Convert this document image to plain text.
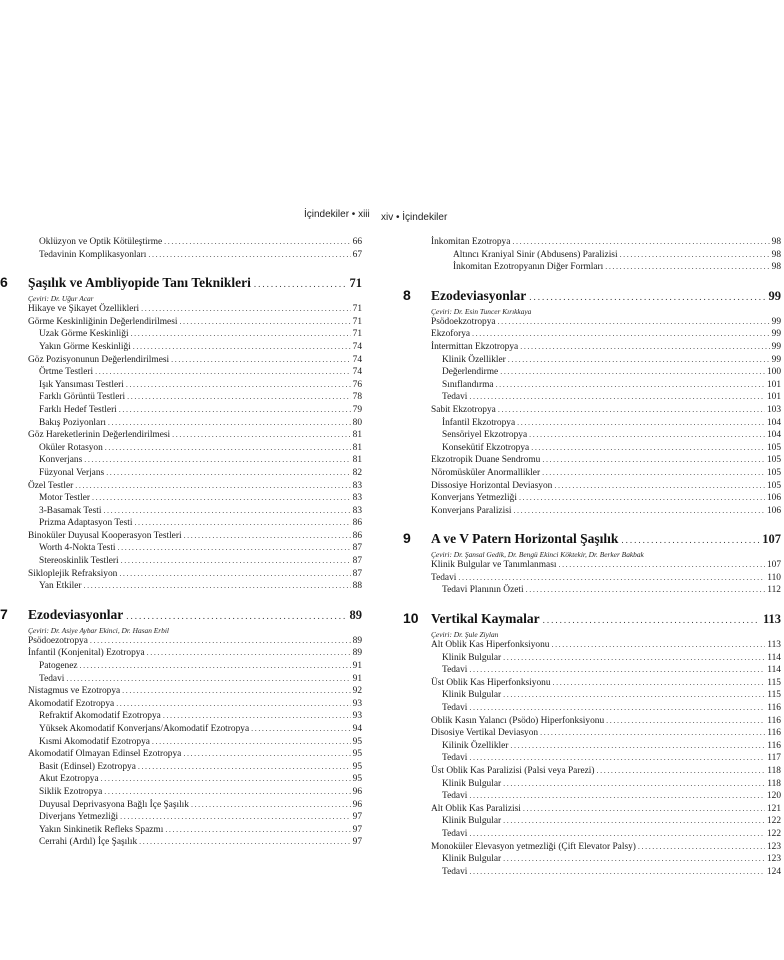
İçindekiler • xiii xiv • İçindekiler
Oklüzyon ve Optik Kötüleştirme .....	66
Tedavinin Komplikasyonları .....	67
6	Şaşılık ve Ambliyopide Tanı Teknikleri .....	71
Çeviri: Dr. Uğur Acar
Hikaye ve Şikayet Özellikleri .....	71
Görme Keskinliğinin Değerlendirilmesi .....	71
Uzak Görme Keskinliği .....	71
Yakın Görme Keskinliği .....	74
Göz Pozisyonunun Değerlendirilmesi .....	74
Örtme Testleri .....	74
Işık Yansıması Testleri .....	76
Farklı Görüntü Testleri .....	78
Farklı Hedef Testleri .....	79
Bakış Poziyonları .....	80
Göz Hareketlerinin Değerlendirilmesi .....	81
Oküler Rotasyon .....	81
Konverjans .....	81
Füzyonal Verjans .....	82
Özel Testler .....	83
Motor Testler .....	83
3-Basamak Testi .....	83
Prizma Adaptasyon Testi .....	86
Binoküler Duyusal Kooperasyon Testleri .....	86
Worth 4-Nokta Testi .....	87
Stereoskinlik Testleri .....	87
Sikloplejik Refraksiyon .....	87
Yan Etkiler .....	88
7	Ezodeviasyonlar .....	89
Çeviri: Dr. Asiye Aybar Ekinci, Dr. Hasan Erbil
Psödoezotropya .....	89
İnfantil (Konjenital) Ezotropya .....	89
Patogenez .....	91
Tedavi .....	91
Nistagmus ve Ezotropya .....	92
Akomodatif Ezotropya .....	93
Refraktif Akomodatif Ezotropya .....	93
Yüksek Akomodatif Konverjans/Akomodatif Ezotropya .....	94
Kısmi Akomodatif Ezotropya .....	95
Akomodatif Olmayan Edinsel Ezotropya .....	95
Basit (Edinsel) Ezotropya .....	95
Akut Ezotropya .....	95
Siklik Ezotropya .....	96
Duyusal Deprivasyona Bağlı İçe Şaşılık .....	96
Diverjans Yetmezliği .....	97
Yakın Sinkinetik Refleks Spazmı .....	97
Cerrahi (Ardıl) İçe Şaşılık .....	97
İnkomitan Ezotropya .....	98
Altıncı Kraniyal Sinir (Abdusens) Paralizisi .....	98
İnkomitan Ezotropyanın Diğer Formları .....	98
8	Ezodeviasyonlar .....	99
Çeviri: Dr. Esin Tuncer Kırıkkaya
Psödoekzotropya .....	99
Ekzoforya .....	99
İntermittan Ekzotropya .....	99
Klinik Özellikler .....	99
Değerlendirme .....	100
Sınıflandırma .....	101
Tedavi .....	101
Sabit Ekzotropya .....	103
İnfantil Ekzotropya .....	104
Sensöriyel Ekzotropya .....	104
Konsekütif Ekzotropya .....	105
Ekzotropik Duane Sendromu .....	105
Nöromüsküler Anormallikler .....	105
Dissosiye Horizontal Deviasyon .....	105
Konverjans Yetmezliği .....	106
Konverjans Paralizisi .....	106
9	A ve V Patern Horizontal Şaşılık .....	107
Çeviri: Dr. Şansal Gedik, Dr. Bengü Ekinci Köktekir, Dr. Berker Bakbak
Klinik Bulgular ve Tanımlanması .....	107
Tedavi .....	110
Tedavi Planının Özeti .....	112
10 Vertikal Kaymalar .....	113
Çeviri: Dr. Şule Ziylan
Alt Oblik Kas Hiperfonksiyonu .....	113
Klinik Bulgular .....	114
Tedavi .....	114
Üst Oblik Kas Hiperfonksiyonu .....	115
Klinik Bulgular .....	115
Tedavi .....	116
Oblik Kasın Yalancı (Psödo) Hiperfonksiyonu .....	116
Disosiye Vertikal Deviasyon .....	116
Kilinik Özellikler .....	116
Tedavi .....	117
Üst Oblik Kas Paralizisi (Palsi veya Parezi) .....	118
Klinik Bulgular .....	118
Tedavi .....	120
Alt Oblik Kas Paralizisi .....	121
Klinik Bulgular .....	122
Tedavi .....	122
Monoküler Elevasyon yetmezliği (Çift Elevator Palsy) .....	123
Klinik Bulgular .....	123
Tedavi .....	124
